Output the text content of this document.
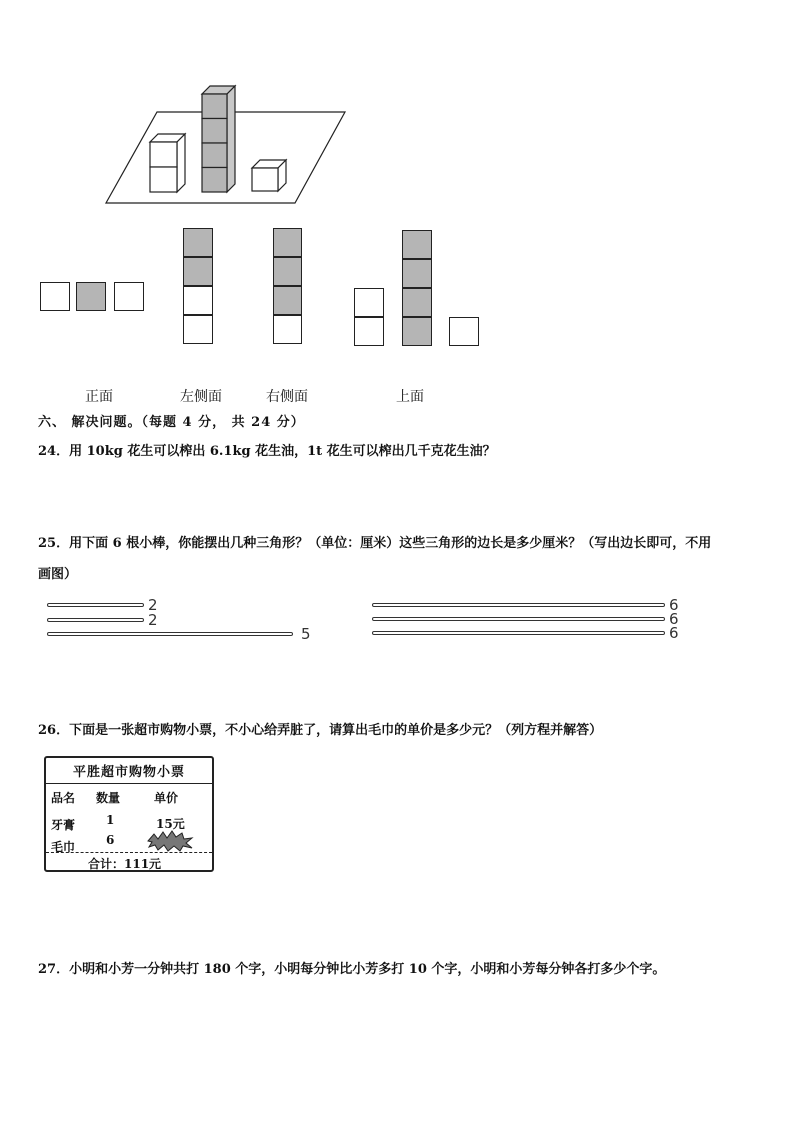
正面	左侧面	右侧面	上面
六、 解决问题。（每题 4 分， 共 24 分）
24．用 10kg 花生可以榨出 6.1kg 花生油，1t 花生可以榨出几千克花生油？
25．用下面 6 根小棒，你能摆出几种三角形？（单位：厘米）这些三角形的边长是多少厘米？（写出边长即可，不用
画图）
2
2
5
6
6
6
26．下面是一张超市购物小票，不小心给弄脏了，请算出毛巾的单价是多少元？（列方程并解答）
平胜超市购物小票
品名 数量	单价
牙膏	1	15元
毛巾	6
合计：111元
27．小明和小芳一分钟共打 180 个字，小明每分钟比小芳多打 10 个字，小明和小芳每分钟各打多少个字。
